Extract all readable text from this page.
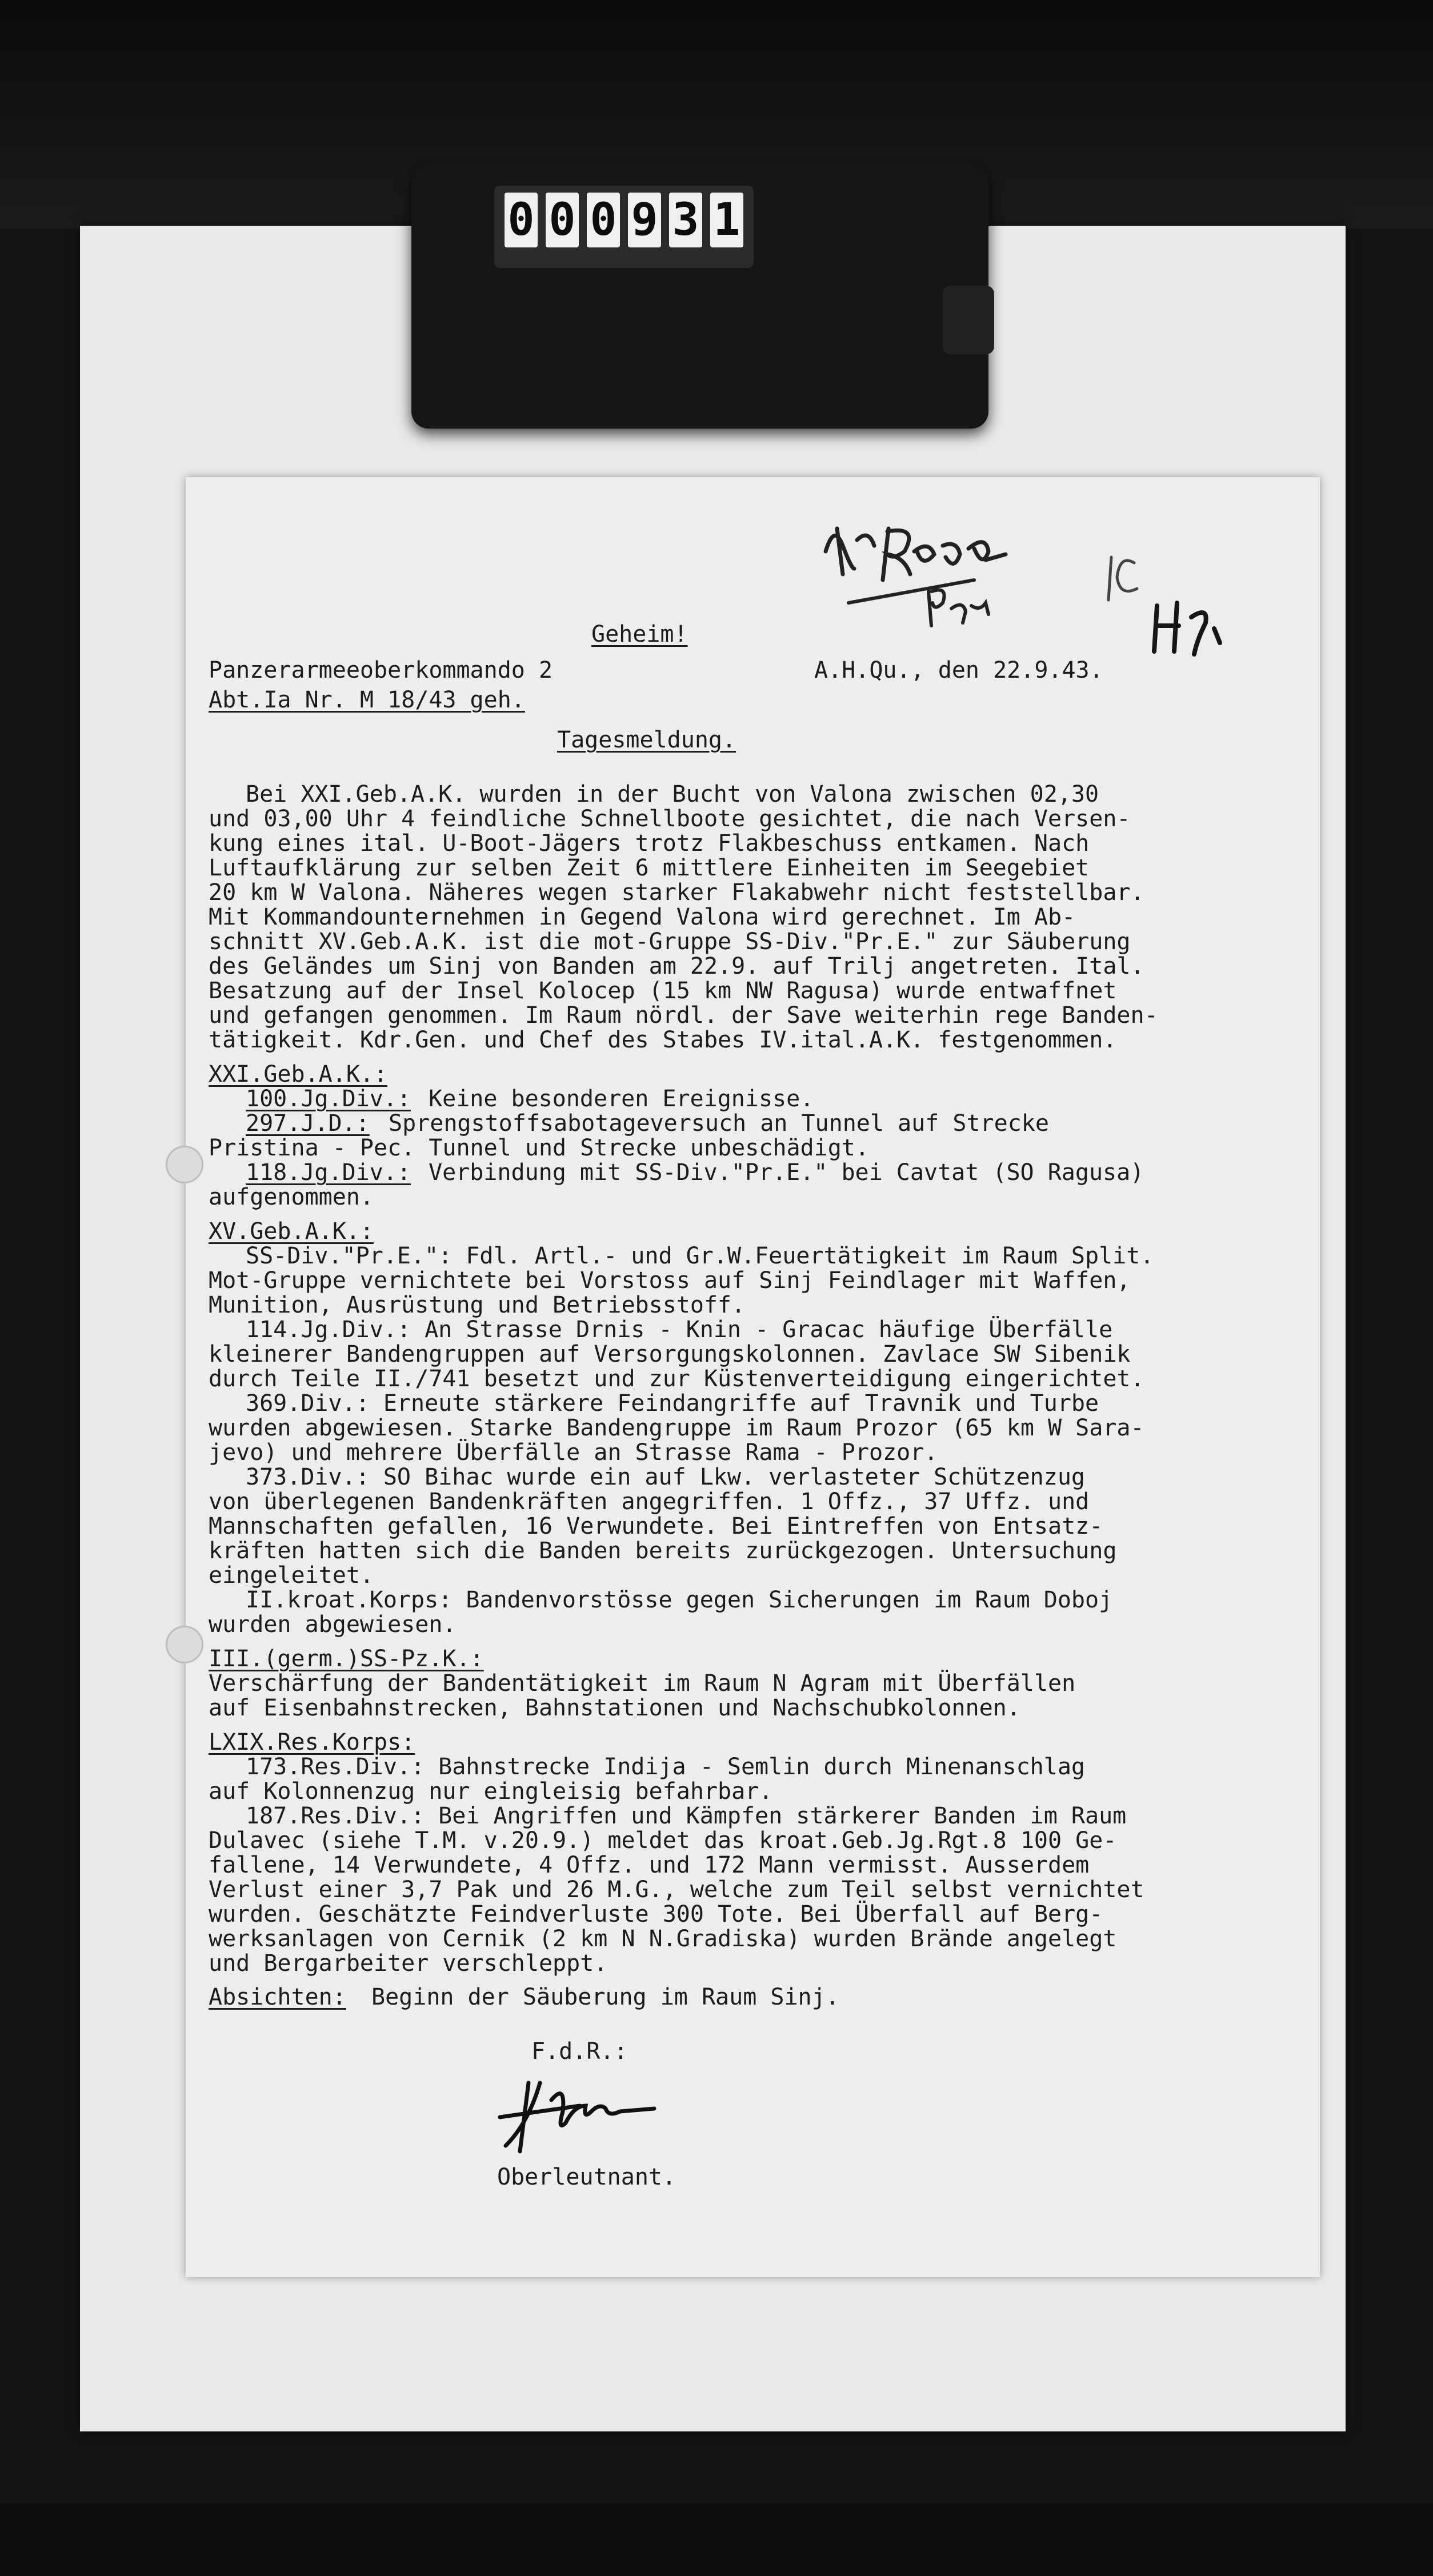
0 0 0 9 3 1
Geheim!
Panzerarmeeoberkommando 2	A.H.Qu., den 22.9.43.
Abt.Ia Nr. M 18/43 geh.
Tagesmeldung.
Bei XXI.Geb.A.K. wurden in der Bucht von Valona zwischen 02,30
und 03,00 Uhr 4 feindliche Schnellboote gesichtet, die nach Versen-
kung eines ital. U-Boot-Jägers trotz Flakbeschuss entkamen. Nach
Luftaufklärung zur selben Zeit 6 mittlere Einheiten im Seegebiet
20 km W Valona. Näheres wegen starker Flakabwehr nicht feststellbar.
Mit Kommandounternehmen in Gegend Valona wird gerechnet. Im Ab-
schnitt XV.Geb.A.K. ist die mot-Gruppe SS-Div."Pr.E." zur Säuberung
des Geländes um Sinj von Banden am 22.9. auf Trilj angetreten. Ital.
Besatzung auf der Insel Kolocep (15 km NW Ragusa) wurde entwaffnet
und gefangen genommen. Im Raum nördl. der Save weiterhin rege Banden-
tätigkeit. Kdr.Gen. und Chef des Stabes IV.ital.A.K. festgenommen.
XXI.Geb.A.K.:
100.Jg.Div.: Keine besonderen Ereignisse.
297.J.D.: Sprengstoffsabotageversuch an Tunnel auf Strecke
Pristina - Pec. Tunnel und Strecke unbeschädigt.
118.Jg.Div.: Verbindung mit SS-Div."Pr.E." bei Cavtat (SO Ragusa)
aufgenommen.
XV.Geb.A.K.:
SS-Div."Pr.E.": Fdl. Artl.- und Gr.W.Feuertätigkeit im Raum Split.
Mot-Gruppe vernichtete bei Vorstoss auf Sinj Feindlager mit Waffen,
Munition, Ausrüstung und Betriebsstoff.
114.Jg.Div.: An Strasse Drnis - Knin - Gracac häufige Überfälle
kleinerer Bandengruppen auf Versorgungskolonnen. Zavlace SW Sibenik
durch Teile II./741 besetzt und zur Küstenverteidigung eingerichtet.
369.Div.: Erneute stärkere Feindangriffe auf Travnik und Turbe
wurden abgewiesen. Starke Bandengruppe im Raum Prozor (65 km W Sara-
jevo) und mehrere Überfälle an Strasse Rama - Prozor.
373.Div.: SO Bihac wurde ein auf Lkw. verlasteter Schützenzug
von überlegenen Bandenkräften angegriffen. 1 Offz., 37 Uffz. und
Mannschaften gefallen, 16 Verwundete. Bei Eintreffen von Entsatz-
kräften hatten sich die Banden bereits zurückgezogen. Untersuchung
eingeleitet.
II.kroat.Korps: Bandenvorstösse gegen Sicherungen im Raum Doboj
wurden abgewiesen.
III.(germ.)SS-Pz.K.:
Verschärfung der Bandentätigkeit im Raum N Agram mit Überfällen
auf Eisenbahnstrecken, Bahnstationen und Nachschubkolonnen.
LXIX.Res.Korps:
173.Res.Div.: Bahnstrecke Indija - Semlin durch Minenanschlag
auf Kolonnenzug nur eingleisig befahrbar.
187.Res.Div.: Bei Angriffen und Kämpfen stärkerer Banden im Raum
Dulavec (siehe T.M. v.20.9.) meldet das kroat.Geb.Jg.Rgt.8 100 Ge-
fallene, 14 Verwundete, 4 Offz. und 172 Mann vermisst. Ausserdem
Verlust einer 3,7 Pak und 26 M.G., welche zum Teil selbst vernichtet
wurden. Geschätzte Feindverluste 300 Tote. Bei Überfall auf Berg-
werksanlagen von Cernik (2 km N N.Gradiska) wurden Brände angelegt
und Bergarbeiter verschleppt.
Absichten: Beginn der Säuberung im Raum Sinj.
F.d.R.:
Oberleutnant.
